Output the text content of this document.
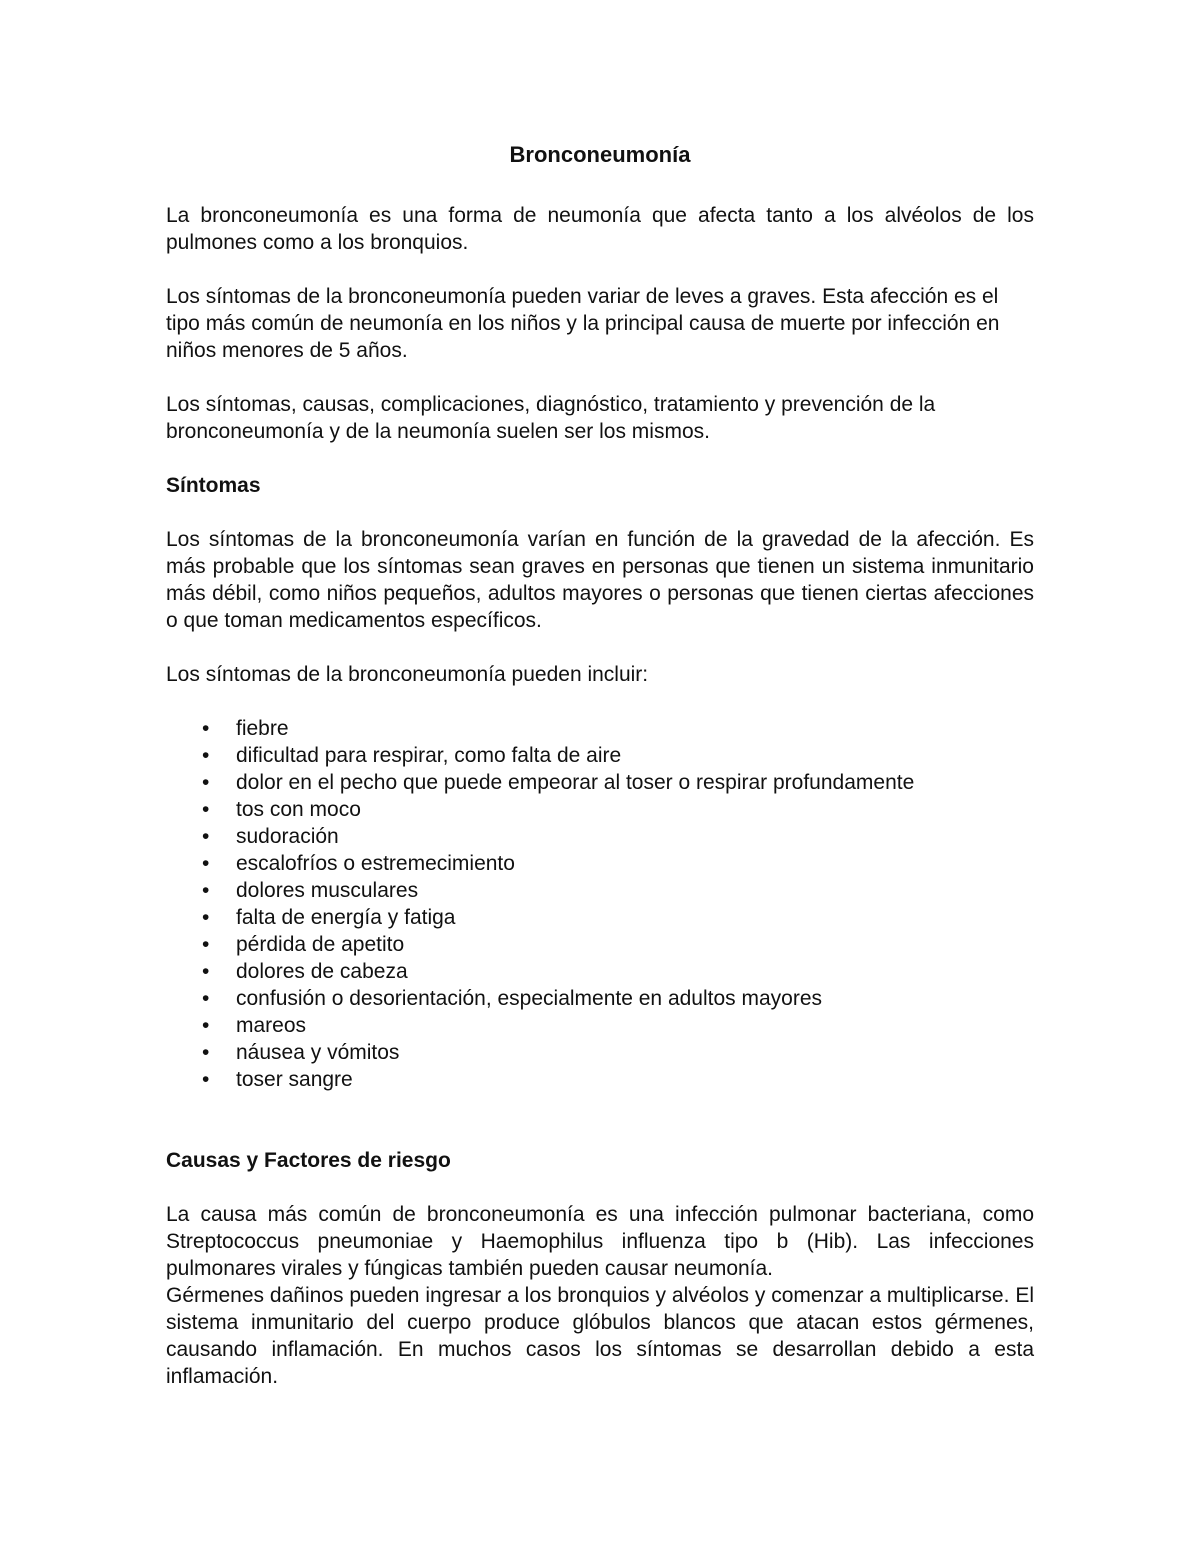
Bronconeumonía

La bronconeumonía es una forma de neumonía que afecta tanto a los alvéolos de los pulmones como a los bronquios.

Los síntomas de la bronconeumonía pueden variar de leves a graves. Esta afección es el tipo más común de neumonía en los niños y la principal causa de muerte por infección en niños menores de 5 años.

Los síntomas, causas, complicaciones, diagnóstico, tratamiento y prevención de la bronconeumonía y de la neumonía suelen ser los mismos.

Síntomas

Los síntomas de la bronconeumonía varían en función de la gravedad de la afección. Es más probable que los síntomas sean graves en personas que tienen un sistema inmunitario más débil, como niños pequeños, adultos mayores o personas que tienen ciertas afecciones o que toman medicamentos específicos.

Los síntomas de la bronconeumonía pueden incluir:

• fiebre
• dificultad para respirar, como falta de aire
• dolor en el pecho que puede empeorar al toser o respirar profundamente
• tos con moco
• sudoración
• escalofríos o estremecimiento
• dolores musculares
• falta de energía y fatiga
• pérdida de apetito
• dolores de cabeza
• confusión o desorientación, especialmente en adultos mayores
• mareos
• náusea y vómitos
• toser sangre
Causas y Factores de riesgo

La causa más común de bronconeumonía es una infección pulmonar bacteriana, como Streptococcus pneumoniae y Haemophilus influenza tipo b (Hib). Las infecciones pulmonares virales y fúngicas también pueden causar neumonía.

Gérmenes dañinos pueden ingresar a los bronquios y alvéolos y comenzar a multiplicarse. El sistema inmunitario del cuerpo produce glóbulos blancos que atacan estos gérmenes, causando inflamación. En muchos casos los síntomas se desarrollan debido a esta inflamación.
